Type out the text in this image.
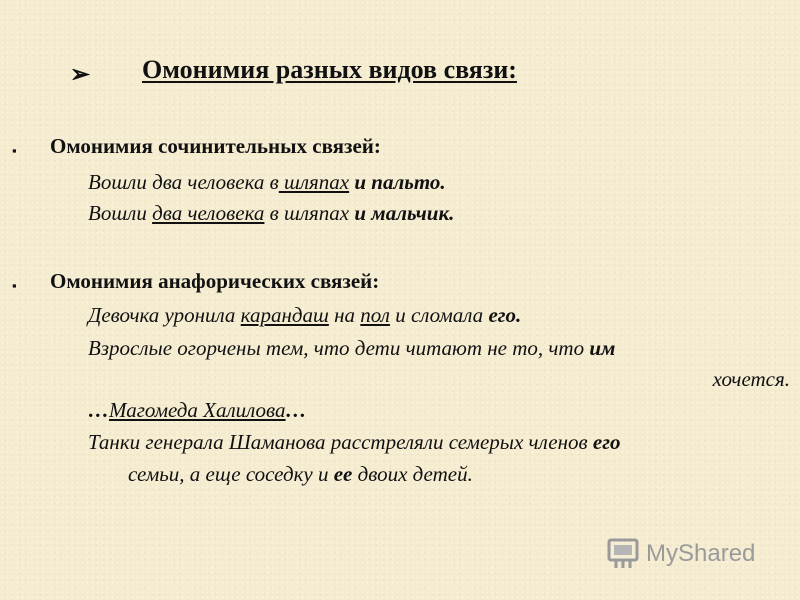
➢ Омонимия разных видов связи:
▪ Омонимия сочинительных связей:
Вошли два человека в шляпах и пальто.
Вошли два человека в шляпах и мальчик.
▪ Омонимия анафорических связей:
Девочка уронила карандаш на пол и сломала его.
Взрослые огорчены тем, что дети читают не то, что им
хочется.
…Магомеда Халилова…
Танки генерала Шаманова расстреляли семерых членов его
семьи, а еще соседку и ее двоих детей.
MyShared
